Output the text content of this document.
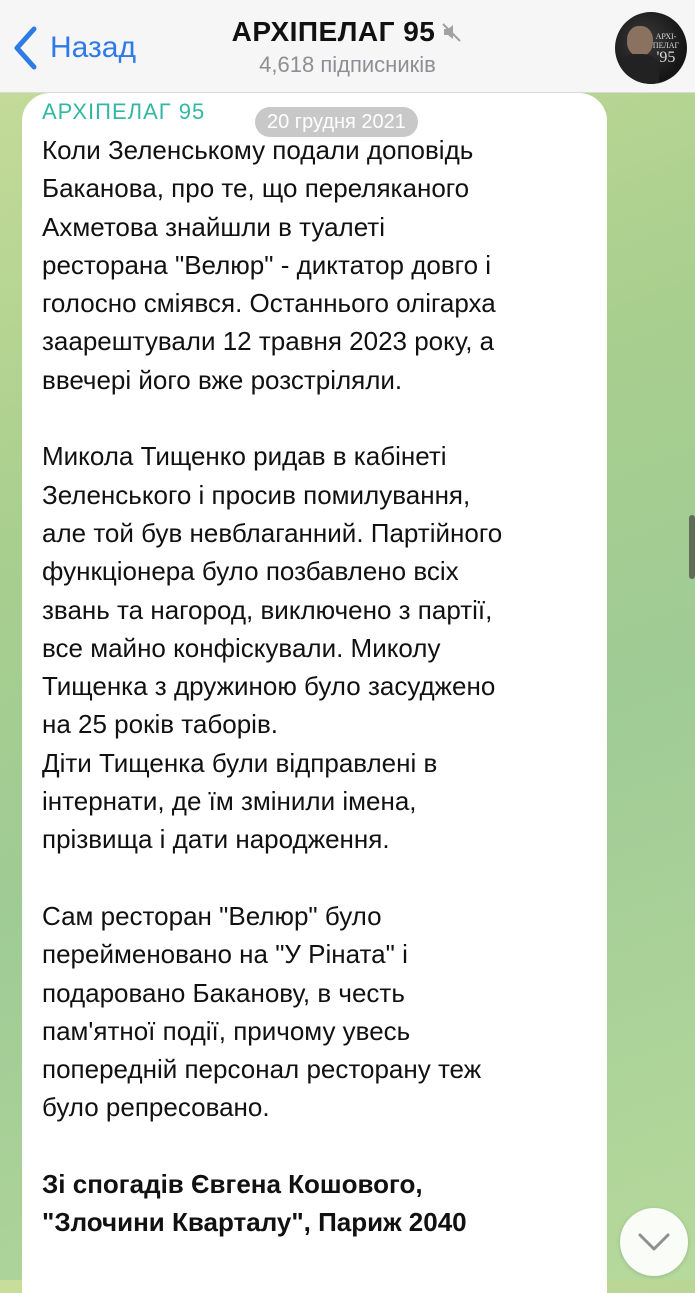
Назад	АРХІПЕЛАГ 95
4,618 підписників
АРХІ-
ПЕЛАГ
'95
АРХІПЕЛАГ 95	20 грудня 2021

Коли Зеленському подали доповідь

Баканова, про те, що переляканого

Ахметова знайшли в туалеті

ресторана "Велюр" - диктатор довго і

голосно сміявся. Останнього олігарха

заарештували 12 травня 2023 року, а

ввечері його вже розстріляли.

Микола Тищенко ридав в кабінеті

Зеленського і просив помилування,

але той був невблаганний. Партійного

функціонера було позбавлено всіх

звань та нагород, виключено з партії,

все майно конфіскували. Миколу

Тищенка з дружиною було засуджено

на 25 років таборів.

Діти Тищенка були відправлені в

інтернати, де їм змінили імена,

прізвища і дати народження.

Сам ресторан "Велюр" було

перейменовано на "У Ріната" і

подаровано Баканову, в честь

пам'ятної події, причому увесь

попередній персонал ресторану теж

було репресовано.

Зі спогадів Євгена Кошового,

"Злочини Кварталу", Париж 2040
